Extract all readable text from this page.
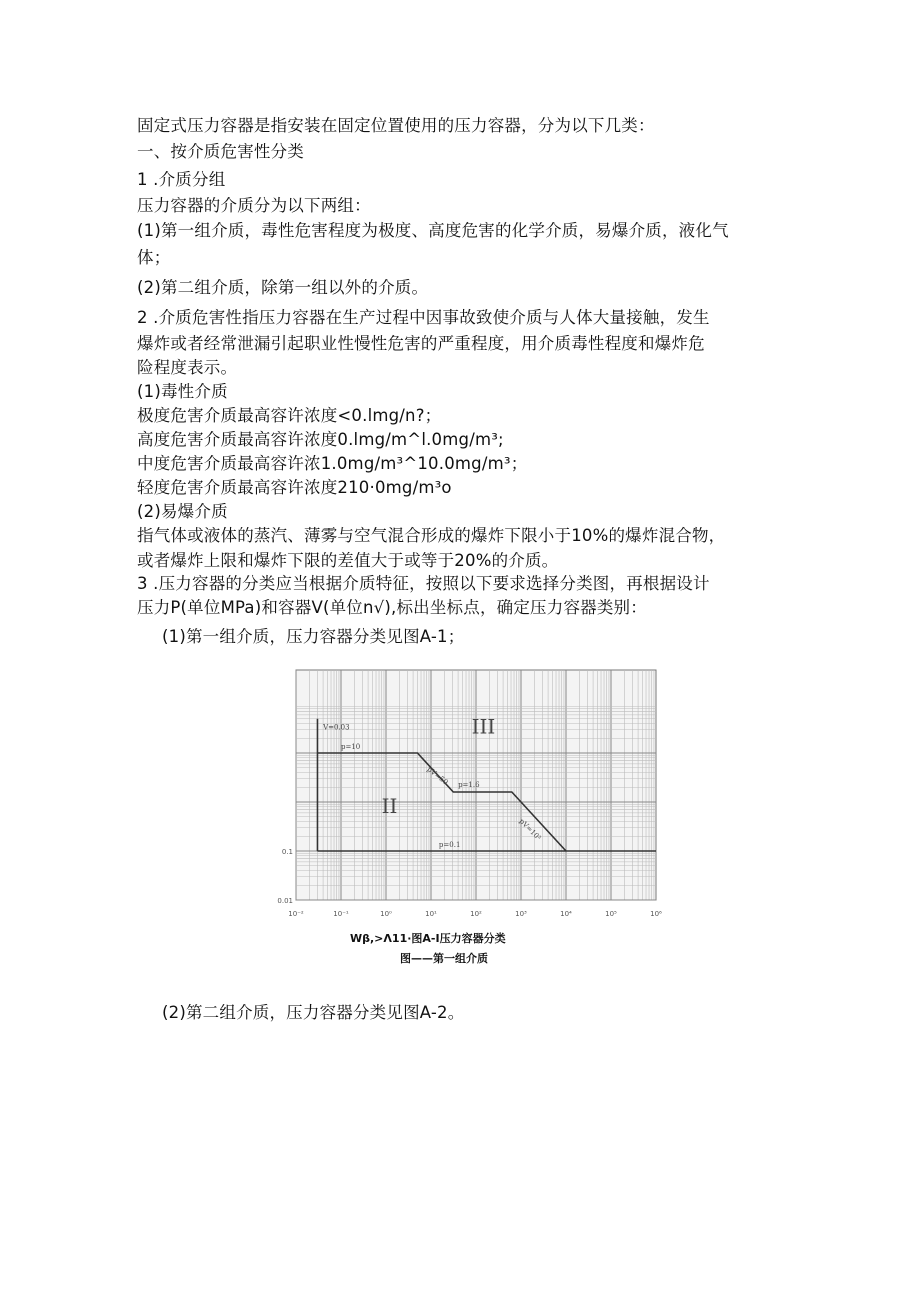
固定式压力容器是指安装在固定位置使用的压力容器，分为以下几类：
一、按介质危害性分类
1 .介质分组
压力容器的介质分为以下两组：
(1)第一组介质，毒性危害程度为极度、高度危害的化学介质，易爆介质，液化气
体；
(2)第二组介质，除第一组以外的介质。
2 .介质危害性指压力容器在生产过程中因事故致使介质与人体大量接触，发生
爆炸或者经常泄漏引起职业性慢性危害的严重程度，用介质毒性程度和爆炸危
险程度表示。
(1)毒性介质
极度危害介质最高容许浓度<0.lmg/n?；
高度危害介质最高容许浓度0.lmg/m^l.0mg/m³;
中度危害介质最高容许浓1.0mg/m³^10.0mg/m³；
轻度危害介质最高容许浓度210·0mg/m³o
(2)易爆介质
指气体或液体的蒸汽、薄雾与空气混合形成的爆炸下限小于10%的爆炸混合物，
或者爆炸上限和爆炸下限的差值大于或等于20%的介质。
3 .压力容器的分类应当根据介质特征，按照以下要求选择分类图，再根据设计
压力P(单位MPa)和容器V(单位n√),标出坐标点，确定压力容器类别：
(1)第一组介质，压力容器分类见图A-1；
10⁻²	10⁻¹	10⁰	10¹	10²	10³	10⁴	10⁵	10⁶
0.01
0.1
V=0.03
p=10
pV=50 p=1.6
pV=10³
p=0.1
II
III
Wβ,>Λ11·图A-I压力容器分类
图——第一组介质
(2)第二组介质，压力容器分类见图A-2。
